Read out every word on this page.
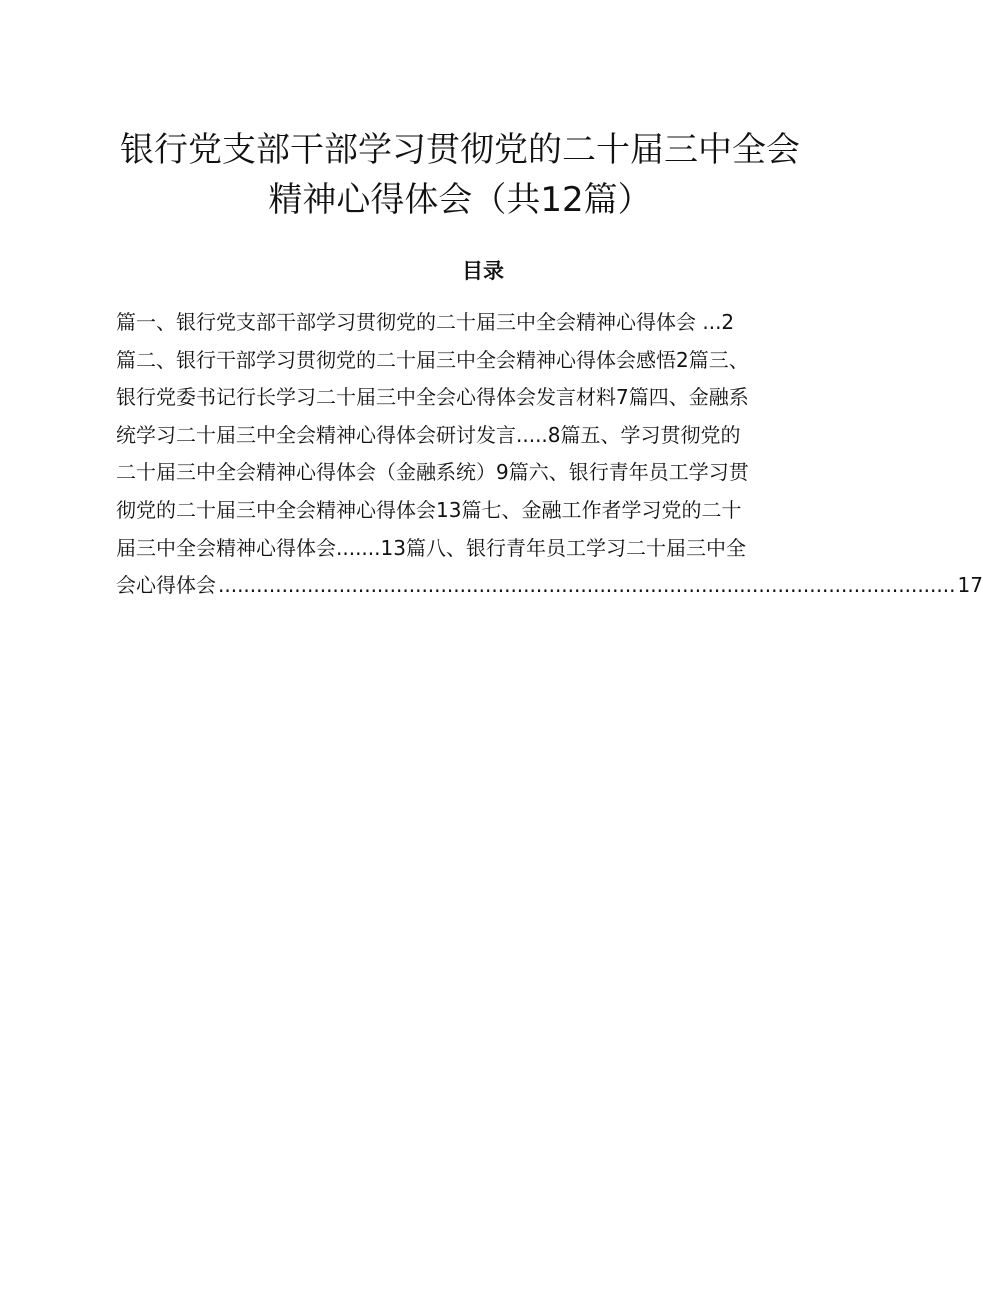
银行党支部干部学习贯彻党的二十届三中全会
精神心得体会（共12篇）
目录
篇一、银行党支部干部学习贯彻党的二十届三中全会精神心得体会 ...2
篇二、银行干部学习贯彻党的二十届三中全会精神心得体会感悟2篇三、
银行党委书记行长学习二十届三中全会心得体会发言材料7篇四、金融系
统学习二十届三中全会精神心得体会研讨发言.....8篇五、学习贯彻党的
二十届三中全会精神心得体会（金融系统）9篇六、银行青年员工学习贯
彻党的二十届三中全会精神心得体会13篇七、金融工作者学习党的二十
届三中全会精神心得体会.......13篇八、银行青年员工学习二十届三中全
会心得体会 .................................................................................................................... 17
